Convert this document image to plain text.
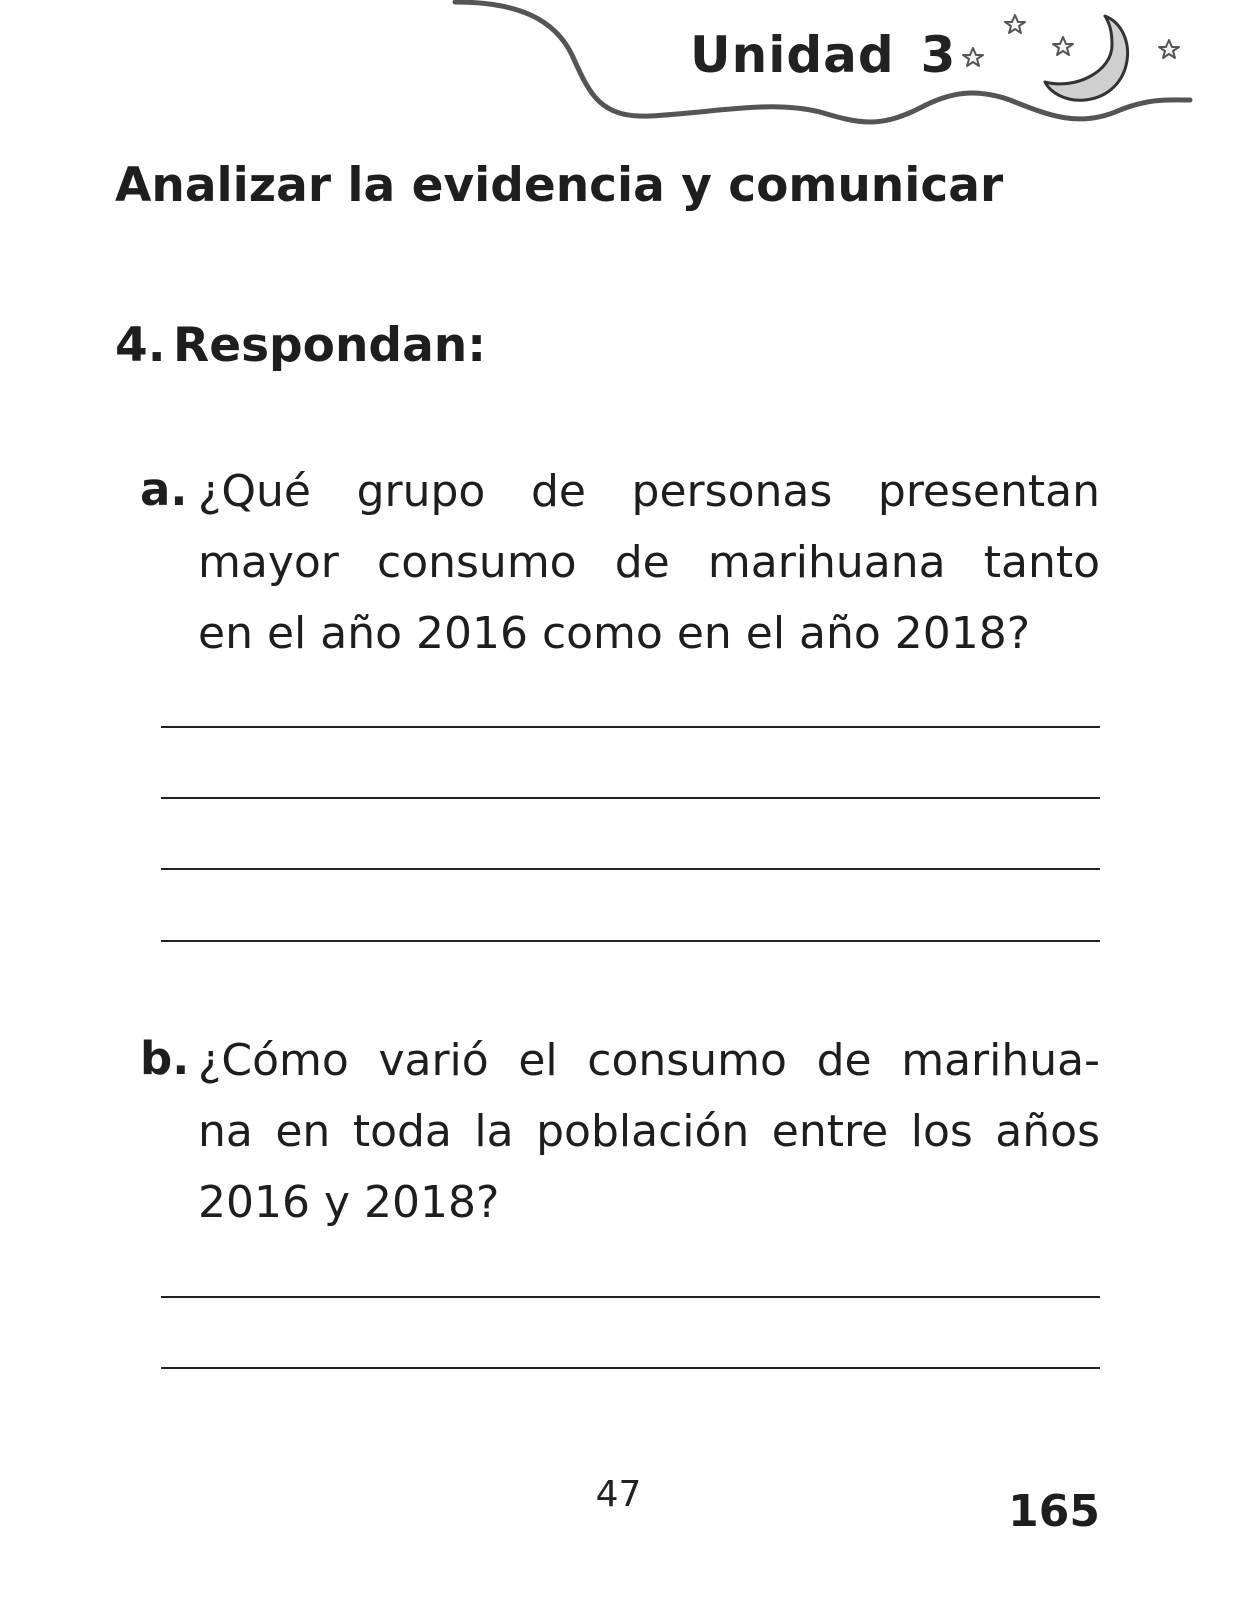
Unidad 3
Analizar la evidencia y comunicar
4. Respondan:
a. ¿Qué grupo de personas presentan
mayor consumo de marihuana tanto
en el año 2016 como en el año 2018?
b. ¿Cómo varió el consumo de marihua-
na en toda la población entre los años
2016 y 2018?
47	165
